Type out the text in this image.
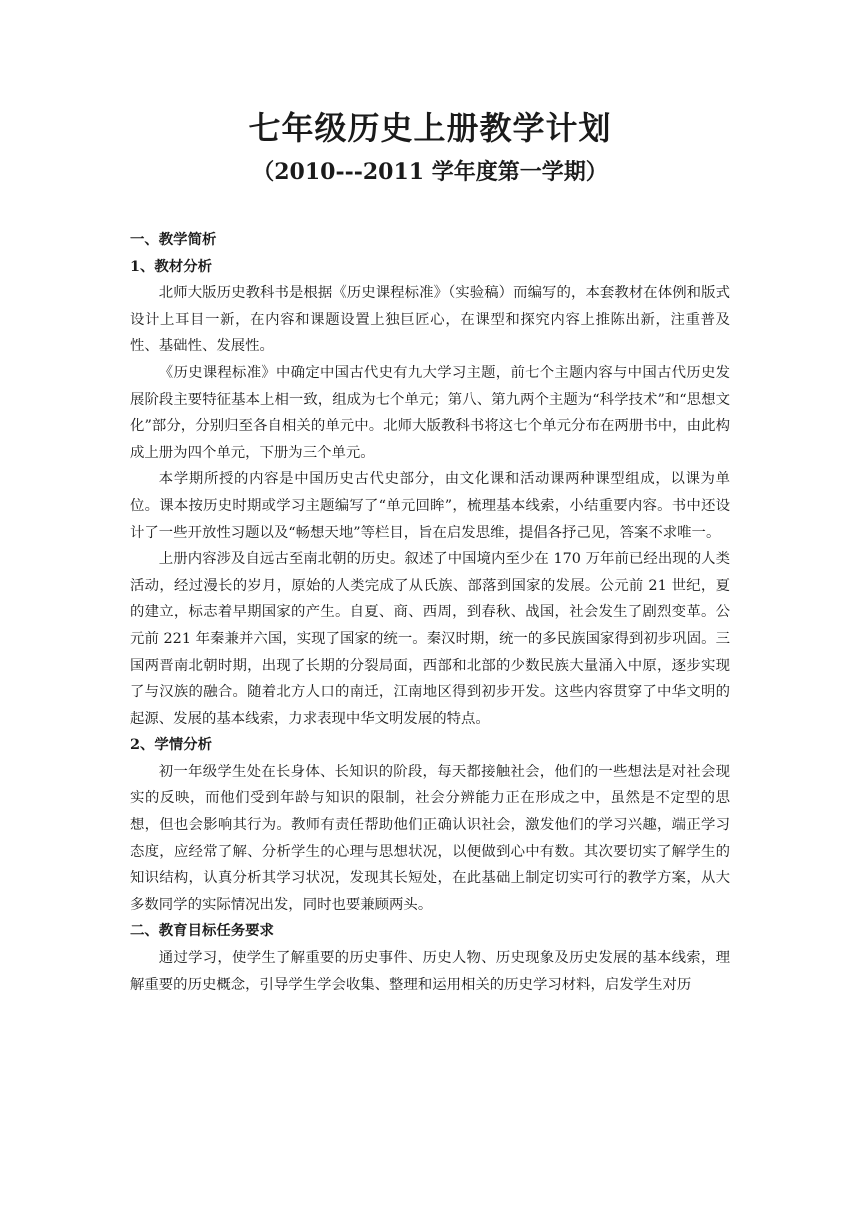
七年级历史上册教学计划
（2010---2011 学年度第一学期）

一、教学简析

1、教材分析

北师大版历史教科书是根据《历史课程标准》（实验稿）而编写的，本套教材在体例和版式设计上耳目一新，在内容和课题设置上独巨匠心，在课型和探究内容上推陈出新，注重普及性、基础性、发展性。

《历史课程标准》中确定中国古代史有九大学习主题，前七个主题内容与中国古代历史发展阶段主要特征基本上相一致，组成为七个单元；第八、第九两个主题为“科学技术”和“思想文化”部分，分别归至各自相关的单元中。北师大版教科书将这七个单元分布在两册书中，由此构成上册为四个单元，下册为三个单元。

本学期所授的内容是中国历史古代史部分，由文化课和活动课两种课型组成，以课为单位。课本按历史时期或学习主题编写了“单元回眸”，梳理基本线索，小结重要内容。书中还设计了一些开放性习题以及“畅想天地”等栏目，旨在启发思维，提倡各抒己见，答案不求唯一。

上册内容涉及自远古至南北朝的历史。叙述了中国境内至少在 170 万年前已经出现的人类活动，经过漫长的岁月，原始的人类完成了从氏族、部落到国家的发展。公元前 21 世纪，夏的建立，标志着早期国家的产生。自夏、商、西周，到春秋、战国，社会发生了剧烈变革。公元前 221 年秦兼并六国，实现了国家的统一。秦汉时期，统一的多民族国家得到初步巩固。三国两晋南北朝时期，出现了长期的分裂局面，西部和北部的少数民族大量涌入中原，逐步实现了与汉族的融合。随着北方人口的南迁，江南地区得到初步开发。这些内容贯穿了中华文明的起源、发展的基本线索，力求表现中华文明发展的特点。

2、学情分析

初一年级学生处在长身体、长知识的阶段，每天都接触社会，他们的一些想法是对社会现实的反映，而他们受到年龄与知识的限制，社会分辨能力正在形成之中，虽然是不定型的思想，但也会影响其行为。教师有责任帮助他们正确认识社会，激发他们的学习兴趣，端正学习态度，应经常了解、分析学生的心理与思想状况，以便做到心中有数。其次要切实了解学生的知识结构，认真分析其学习状况，发现其长短处，在此基础上制定切实可行的教学方案，从大多数同学的实际情况出发，同时也要兼顾两头。

二、教育目标任务要求

通过学习，使学生了解重要的历史事件、历史人物、历史现象及历史发展的基本线索，理解重要的历史概念，引导学生学会收集、整理和运用相关的历史学习材料，启发学生对历
